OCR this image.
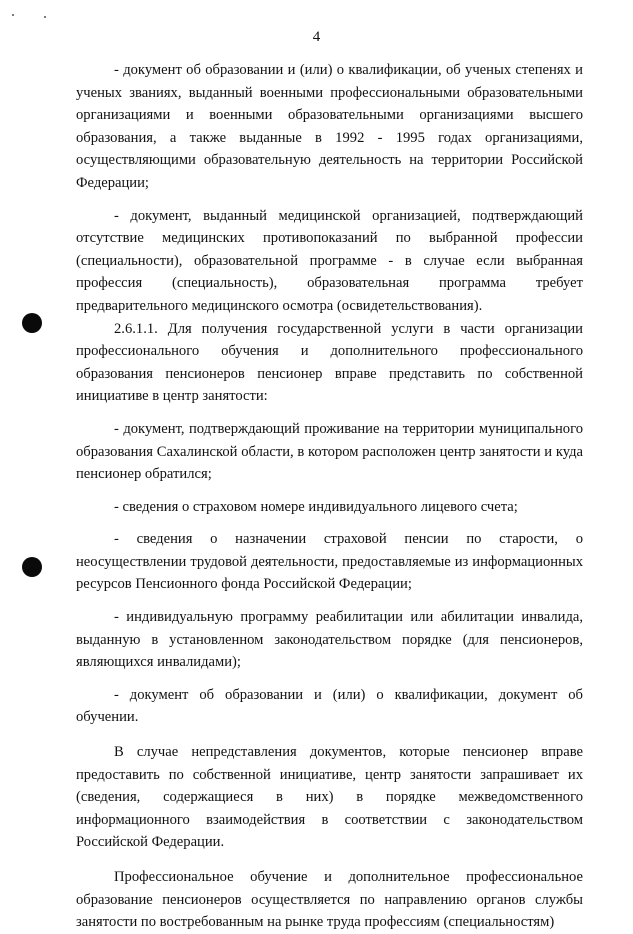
4

- документ об образовании и (или) о квалификации, об ученых степенях и ученых званиях, выданный военными профессиональными образовательными организациями и военными образовательными организациями высшего образования, а также выданные в 1992 - 1995 годах организациями, осуществляющими образовательную деятельность на территории Российской Федерации;

- документ, выданный медицинской организацией, подтверждающий отсутствие медицинских противопоказаний по выбранной профессии (специальности), образовательной программе - в случае если выбранная профессия (специальность), образовательная программа требует предварительного медицинского осмотра (освидетельствования).

2.6.1.1. Для получения государственной услуги в части организации профессионального обучения и дополнительного профессионального образования пенсионеров пенсионер вправе представить по собственной инициативе в центр занятости:

- документ, подтверждающий проживание на территории муниципального образования Сахалинской области, в котором расположен центр занятости и куда пенсионер обратился;

- сведения о страховом номере индивидуального лицевого счета;

- сведения о назначении страховой пенсии по старости, о неосуществлении трудовой деятельности, предоставляемые из информационных ресурсов Пенсионного фонда Российской Федерации;

- индивидуальную программу реабилитации или абилитации инвалида, выданную в установленном законодательством порядке (для пенсионеров, являющихся инвалидами);

- документ об образовании и (или) о квалификации, документ об обучении.

В случае непредставления документов, которые пенсионер вправе предоставить по собственной инициативе, центр занятости запрашивает их (сведения, содержащиеся в них) в порядке межведомственного информационного взаимодействия в соответствии с законодательством Российской Федерации.

Профессиональное обучение и дополнительное профессиональное образование пенсионеров осуществляется по направлению органов службы занятости по востребованным на рынке труда профессиям (специальностям)
